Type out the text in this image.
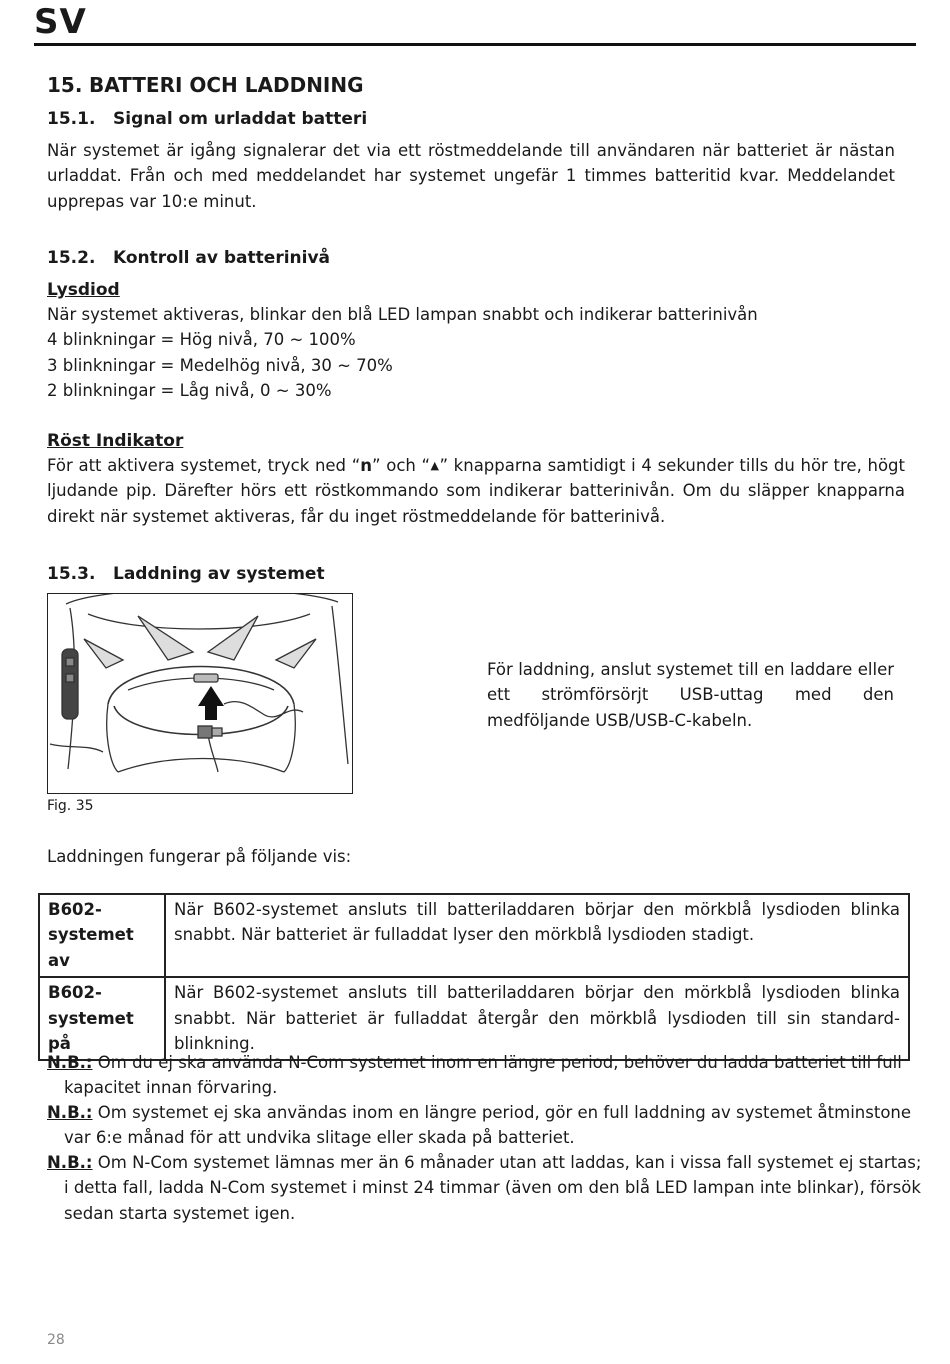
SV
15. BATTERI OCH LADDNING
15.1. Signal om urladdat batteri
När systemet är igång signalerar det via ett röstmeddelande till användaren när batteriet är nästan urladdat. Från och med meddelandet har systemet ungefär 1 timmes batteritid kvar. Meddelandet upprepas var 10:e minut.
15.2. Kontroll av batterinivå
Lysdiod
När systemet aktiveras, blinkar den blå LED lampan snabbt och indikerar batterinivån
4 blinkningar = Hög nivå, 70 ~ 100%
3 blinkningar = Medelhög nivå, 30 ~ 70%
2 blinkningar = Låg nivå, 0 ~ 30%
Röst Indikator
För att aktivera systemet, tryck ned “n” och “▲” knapparna samtidigt i 4 sekunder tills du hör tre, högt ljudande pip. Därefter hörs ett röstkommando som indikerar batterinivån. Om du släpper knapparna direkt när systemet aktiveras, får du inget röstmeddelande för batterinivå.
15.3. Laddning av systemet
För laddning, anslut systemet till en laddare eller ett strömförsörjt USB-uttag med den medföljande USB/USB-C-kabeln.
Fig. 35
Laddningen fungerar på följande vis:
B602-systemet av	När B602-systemet ansluts till batteriladdaren börjar den mörkblå lysdioden blinka snabbt. När batteriet är fulladdat lyser den mörkblå lysdioden stadigt.
B602-systemet på	När B602-systemet ansluts till batteriladdaren börjar den mörkblå lysdioden blinka snabbt. När batteriet är fulladdat återgår den mörkblå lysdioden till sin standard-blinkning.
N.B.: Om du ej ska använda N-Com systemet inom en längre period, behöver du ladda batteriet till full kapacitet innan förvaring.
N.B.: Om systemet ej ska användas inom en längre period, gör en full laddning av systemet åtminstone var 6:e månad för att undvika slitage eller skada på batteriet.
N.B.: Om N-Com systemet lämnas mer än 6 månader utan att laddas, kan i vissa fall systemet ej startas; i detta fall, ladda N-Com systemet i minst 24 timmar (även om den blå LED lampan inte blinkar), försök sedan starta systemet igen.
28
